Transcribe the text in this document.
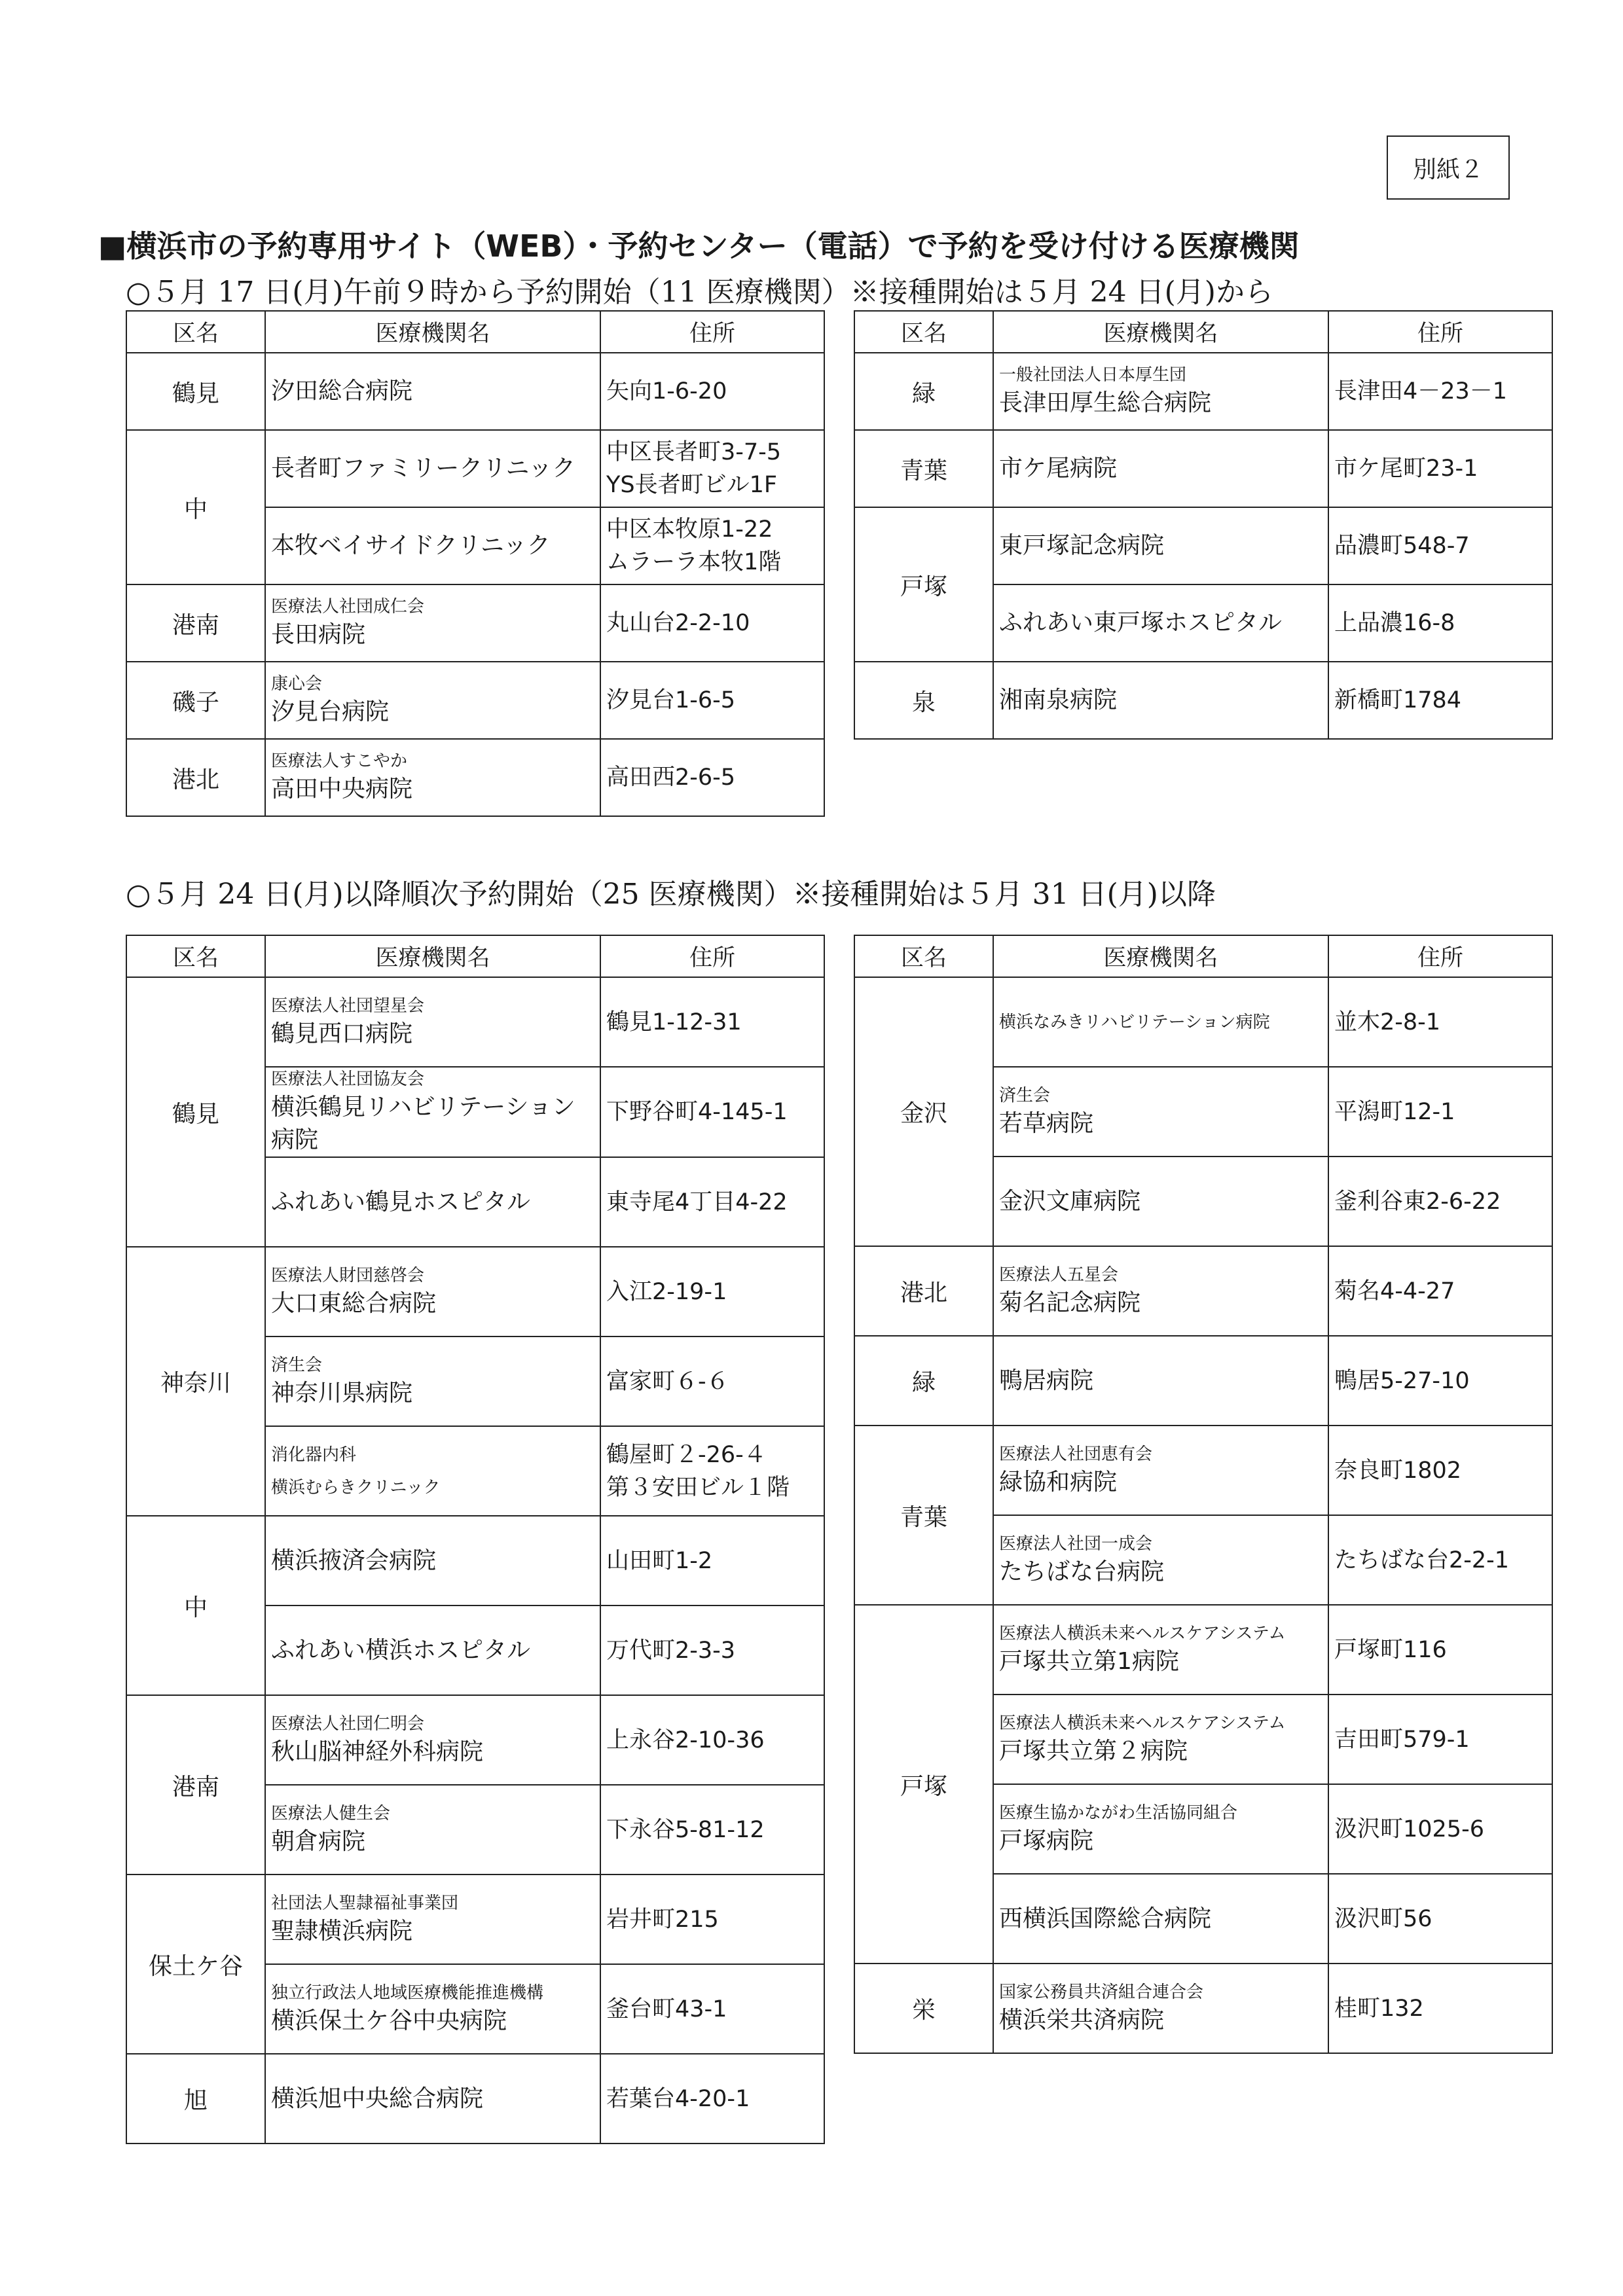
別紙２
■横浜市の予約専用サイト（WEB）・予約センター（電話）で予約を受け付ける医療機関
○５月 17 日(月)午前９時から予約開始（11 医療機関）※接種開始は５月 24 日(月)から
○５月 24 日(月)以降順次予約開始（25 医療機関）※接種開始は５月 31 日(月)以降
区名	医療機関名	住所
鶴見	汐田総合病院	矢向1-6-20

中	長者町ファミリークリニック	中区長者町3-7-5
YS長者町ビル1F

	本牧ベイサイドクリニック	中区本牧原1-22
ムラーラ本牧1階

港南	医療法人社団成仁会
長田病院	丸山台2-2-10

磯子	康心会
汐見台病院	汐見台1-6-5

港北	医療法人すこやか
高田中央病院	高田西2-6-5
区名	医療機関名	住所
緑	一般社団法人日本厚生団
長津田厚生総合病院	長津田4－23－1

青葉	市ケ尾病院	市ケ尾町23-1

戸塚	東戸塚記念病院	品濃町548-7

	ふれあい東戸塚ホスピタル	上品濃16-8

泉	湘南泉病院	新橋町1784
区名	医療機関名	住所
鶴見	医療法人社団望星会
鶴見西口病院	鶴見1-12-31

	医療法人社団協友会
横浜鶴見リハビリテーション病院	下野谷町4-145-1

	ふれあい鶴見ホスピタル	東寺尾4丁目4-22

神奈川	医療法人財団慈啓会
大口東総合病院	入江2-19-1

	済生会
神奈川県病院	富家町６-６

	消化器内科
横浜むらきクリニック	鶴屋町２-26-４
第３安田ビル１階

中	横浜掖済会病院	山田町1-2

	ふれあい横浜ホスピタル	万代町2-3-3

港南	医療法人社団仁明会
秋山脳神経外科病院	上永谷2-10-36

	医療法人健生会
朝倉病院	下永谷5-81-12

保土ケ谷	社団法人聖隷福祉事業団
聖隷横浜病院	岩井町215

	独立行政法人地域医療機能推進機構
横浜保土ケ谷中央病院	釜台町43-1

旭	横浜旭中央総合病院	若葉台4-20-1
区名	医療機関名	住所
金沢	横浜なみきリハビリテーション病院	並木2-8-1

	済生会
若草病院	平潟町12-1

	金沢文庫病院	釜利谷東2-6-22

港北	医療法人五星会
菊名記念病院	菊名4-4-27

緑	鴨居病院	鴨居5-27-10

青葉	医療法人社団恵有会
緑協和病院	奈良町1802

	医療法人社団一成会
たちばな台病院	たちばな台2-2-1

戸塚	医療法人横浜未来ヘルスケアシステム
戸塚共立第1病院	戸塚町116

	医療法人横浜未来ヘルスケアシステム
戸塚共立第２病院	吉田町579-1

	医療生協かながわ生活協同組合
戸塚病院	汲沢町1025-6

	西横浜国際総合病院	汲沢町56

栄	国家公務員共済組合連合会
横浜栄共済病院	桂町132
